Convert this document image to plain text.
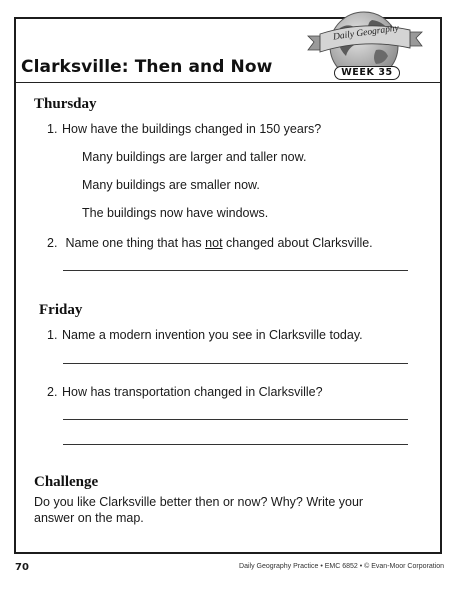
Daily Geography
WEEK 35
Clarksville: Then and Now
Thursday
1. How have the buildings changed in 150 years?
Many buildings are larger and taller now.
Many buildings are smaller now.
The buildings now have windows.
2. Name one thing that has not changed about Clarksville.
Friday
1. Name a modern invention you see in Clarksville today.
2. How has transportation changed in Clarksville?
Challenge

Do you like Clarksville better then or now? Why? Write your answer on the map.

70	Daily Geography Practice • EMC 6852 • © Evan-Moor Corporation
